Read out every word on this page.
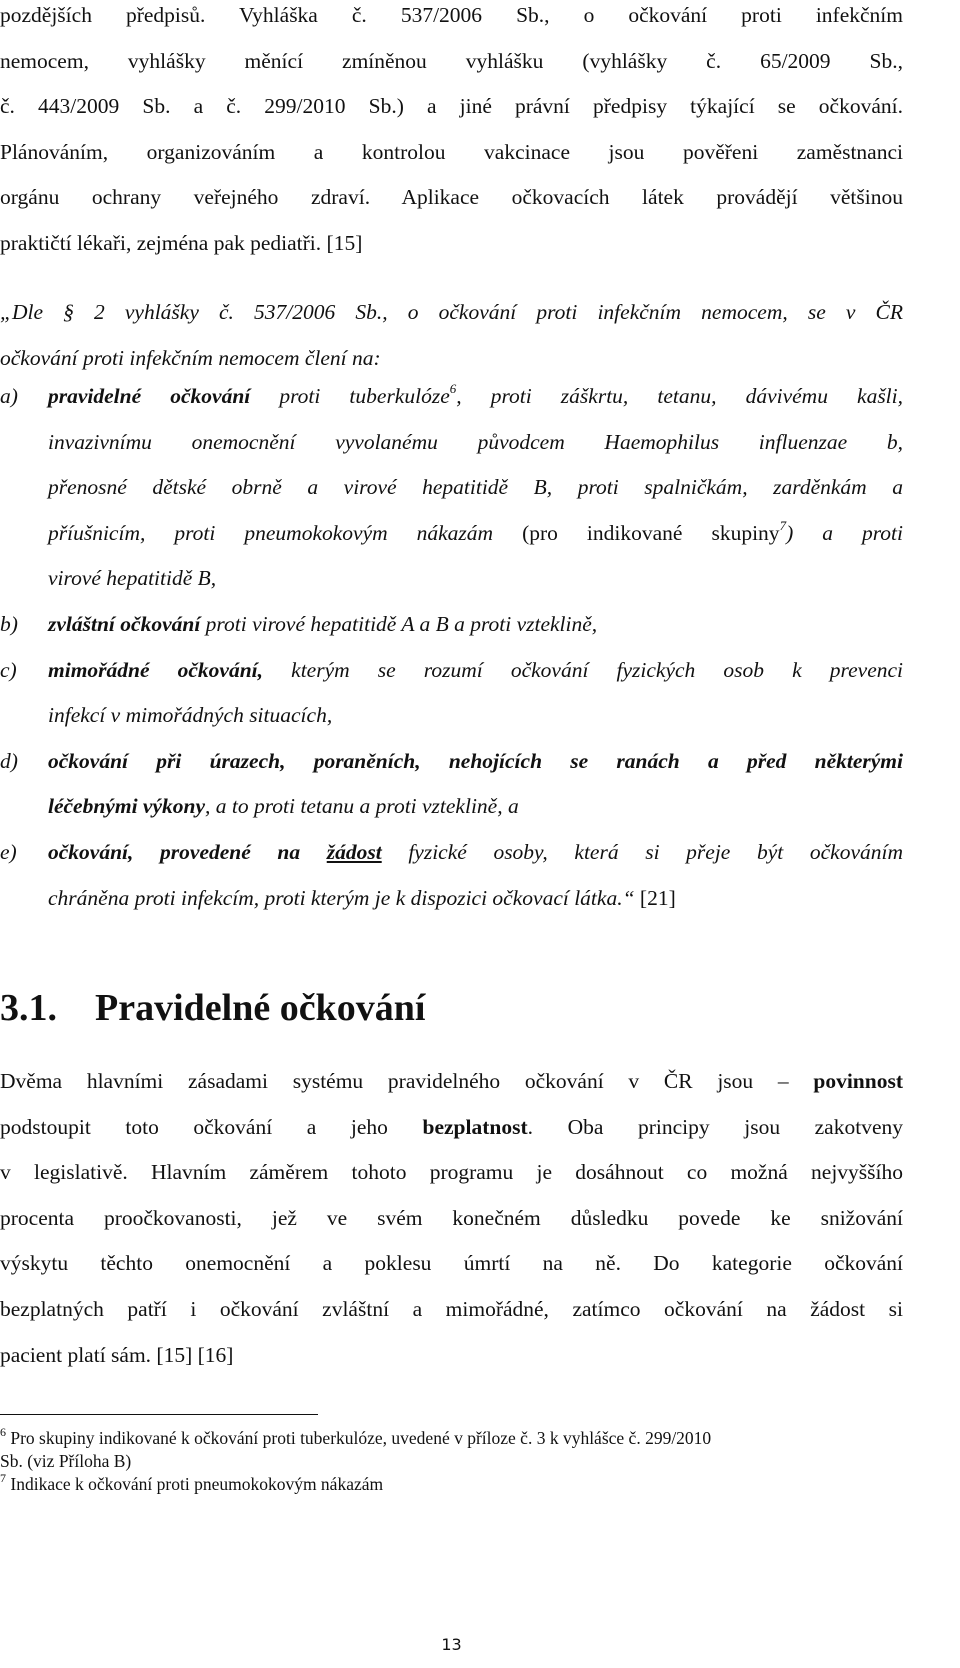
pozdějších předpisů. Vyhláška č. 537/2006 Sb., o očkování proti infekčním
nemocem, vyhlášky měnící zmíněnou vyhlášku (vyhlášky č. 65/2009 Sb.,
č. 443/2009 Sb. a č. 299/2010 Sb.) a jiné právní předpisy týkající se očkování.
Plánováním, organizováním a kontrolou vakcinace jsou pověřeni zaměstnanci
orgánu ochrany veřejného zdraví. Aplikace očkovacích látek provádějí většinou
praktičtí lékaři, zejména pak pediatři. [15]
„Dle § 2 vyhlášky č. 537/2006 Sb., o očkování proti infekčním nemocem, se v ČR
očkování proti infekčním nemocem člení na:
a) pravidelné očkování proti tuberkulóze$^6$, proti záškrtu, tetanu, dávivému kašli,
invazivnímu onemocnění vyvolanému původcem Haemophilus influenzae b,
přenosné dětské obrně a virové hepatitidě B, proti spalničkám, zarděnkám a
příušnicím, proti pneumokokovým nákazám (pro indikované skupiny$^7$) a proti
virové hepatitidě B,
b) zvláštní očkování proti virové hepatitidě A a B a proti vzteklině,
c) mimořádné očkování, kterým se rozumí očkování fyzických osob k prevenci
infekcí v mimořádných situacích,
d) očkování při úrazech, poraněních, nehojících se ranách a před některými
léčebnými výkony, a to proti tetanu a proti vzteklině, a
e) očkování, provedené na žádost fyzické osoby, která si přeje být očkováním
chráněna proti infekcím, proti kterým je k dispozici očkovací látka.“ [21]
3.1. Pravidelné očkování
Dvěma hlavními zásadami systému pravidelného očkování v ČR jsou – povinnost
podstoupit toto očkování a jeho bezplatnost. Oba principy jsou zakotveny
v legislativě. Hlavním záměrem tohoto programu je dosáhnout co možná nejvyššího
procenta proočkovanosti, jež ve svém konečném důsledku povede ke snižování
výskytu těchto onemocnění a poklesu úmrtí na ně. Do kategorie očkování
bezplatných patří i očkování zvláštní a mimořádné, zatímco očkování na žádost si
pacient platí sám. [15] [16]
$^6$ Pro skupiny indikované k očkování proti tuberkulóze, uvedené v příloze č. 3 k vyhlášce č. 299/2010
Sb. (viz Příloha B)
$^7$ Indikace k očkování proti pneumokokovým nákazám
13
